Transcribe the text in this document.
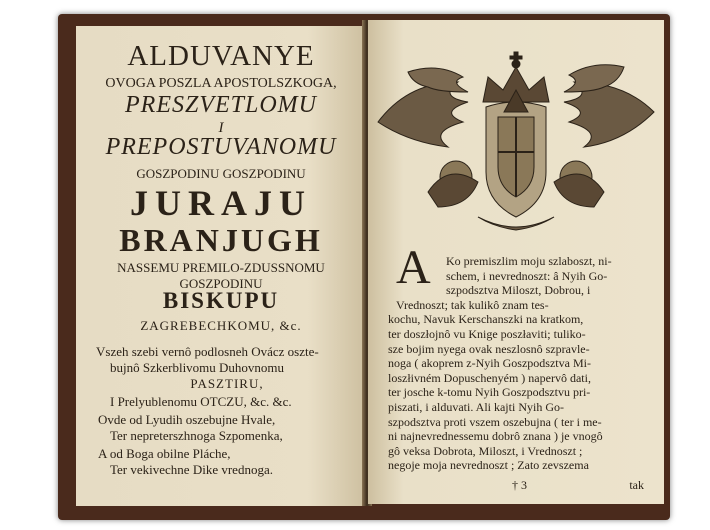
ALDUVANYE

OVOGA POSZLA APOSTOLSZKOGA,

PRESZVETLOMU

I

PREPOSTUVANOMU

GOSZPODINU GOSZPODINU

JURAJU

BRANJUGH

NASSEMU PREMILO-ZDUSSNOMU

GOSZPODINU

BISKUPU

ZAGREBECHKOMU, &c.

Vszeh szebi vernô podlosneh Ovácz oszte-

bujnô Szkerblivomu Duhovnomu

PASZTIRU,

I Prelyublenomu OTCZU, &c. &c.

Ovde od Lyudih oszebujne Hvale,

Ter nepreterszhnoga Szpomenka,

A od Boga obilne Pláche,

Ter vekivechne Dike vrednoga.

A Ko premiszlim moju szlaboszt, ni-

schem, i nevrednoszt: â Nyih Go-

szpodsztva Miloszt, Dobrou, i

Vrednoszt; tak kulikô znam tes-

kochu, Navuk Kerschanszki na kratkom,

ter doszłojnô vu Knige poszłaviti; tuliko-

sze bojim nyega ovak neszlosnô szpravle-

noga ( akoprem z-Nyih Goszpodsztva Mi-

loszłivném Dopuschenyém ) napervô dati,

ter josche k-tomu Nyih Goszpodsztvu pri-

piszati, i alduvati. Ali kajti Nyih Go-

szpodsztva proti vszem oszebujna ( ter i me-

ni najnevrednessemu dobrô znana ) je vnogô

gô veksa Dobrota, Miloszt, i Vrednoszt ;

negoje moja nevrednoszt ; Zato zevszema

† 3	tak
